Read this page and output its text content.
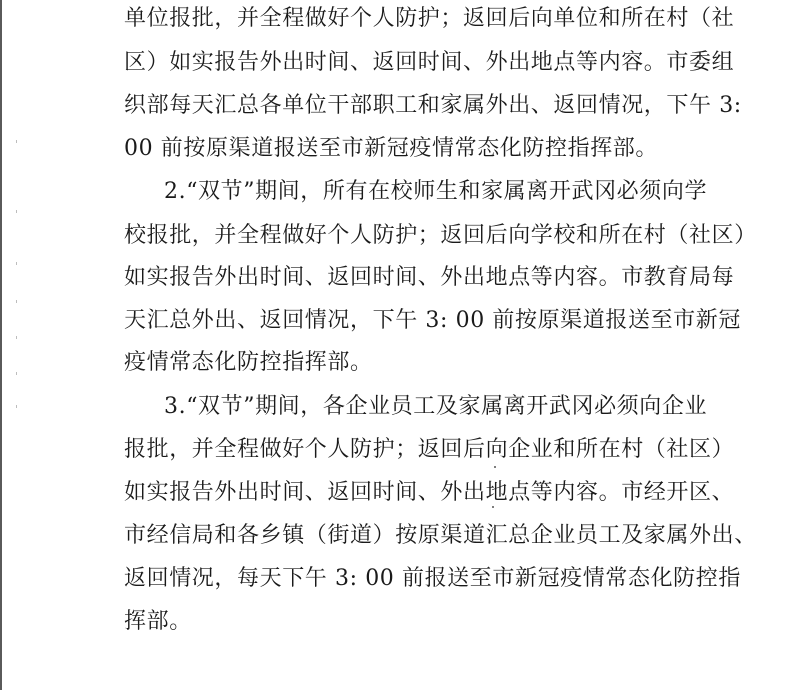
单位报批，并全程做好个人防护；返回后向单位和所在村（社
区）如实报告外出时间、返回时间、外出地点等内容。市委组
织部每天汇总各单位干部职工和家属外出、返回情况，下午 3:
00 前按原渠道报送至市新冠疫情常态化防控指挥部。
2.“双节”期间，所有在校师生和家属离开武冈必须向学
校报批，并全程做好个人防护；返回后向学校和所在村（社区）
如实报告外出时间、返回时间、外出地点等内容。市教育局每
天汇总外出、返回情况，下午 3: 00 前按原渠道报送至市新冠
疫情常态化防控指挥部。
3.“双节”期间，各企业员工及家属离开武冈必须向企业
报批，并全程做好个人防护；返回后向企业和所在村（社区）
如实报告外出时间、返回时间、外出地点等内容。市经开区、
市经信局和各乡镇（街道）按原渠道汇总企业员工及家属外出、
返回情况，每天下午 3: 00 前报送至市新冠疫情常态化防控指
挥部。
